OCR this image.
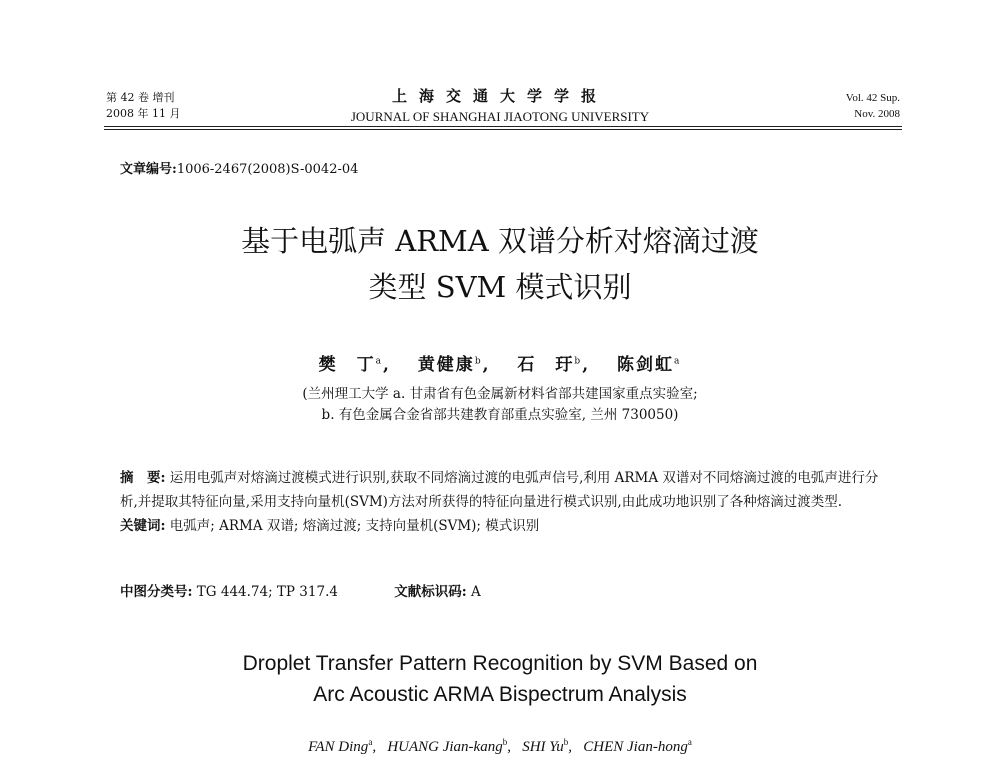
第 42 卷 增刊
2008 年 11 月
上海交通大学学报
JOURNAL OF SHANGHAI JIAOTONG UNIVERSITY
Vol. 42 Sup.
Nov. 2008
文章编号:1006-2467(2008)S-0042-04
基于电弧声 ARMA 双谱分析对熔滴过渡
类型 SVM 模式识别
樊　丁$^a$,　 黄健康$^b$,　 石　玗$^b$,　 陈剑虹$^a$
(兰州理工大学 a. 甘肃省有色金属新材料省部共建国家重点实验室;
b. 有色金属合金省部共建教育部重点实验室, 兰州 730050)
摘　要: 运用电弧声对熔滴过渡模式进行识别,获取不同熔滴过渡的电弧声信号,利用 ARMA 双谱对不同熔滴过渡的电弧声进行分析,并提取其特征向量,采用支持向量机(SVM)方法对所获得的特征向量进行模式识别,由此成功地识别了各种熔滴过渡类型.
关键词: 电弧声; ARMA 双谱; 熔滴过渡; 支持向量机(SVM); 模式识别
中图分类号: TG 444.74; TP 317.4	文献标识码: A
Droplet Transfer Pattern Recognition by SVM Based on
Arc Acoustic ARMA Bispectrum Analysis
FAN Ding$^a$,   HUANG Jian-kang$^b$,   SHI Yu$^b$,   CHEN Jian-hong$^a$
